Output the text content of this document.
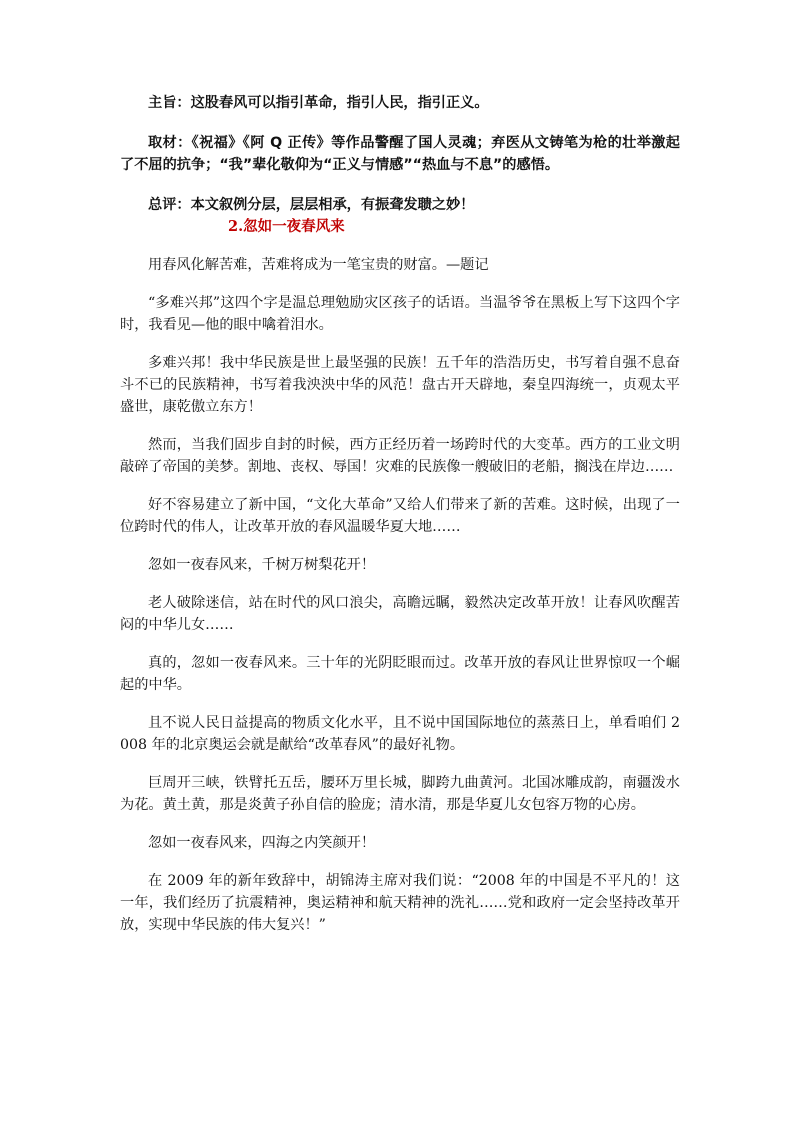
主旨：这股春风可以指引革命，指引人民，指引正义。

取材：《祝福》《阿 Q 正传》等作品警醒了国人灵魂；弃医从文铸笔为枪的壮举激起了不屈的抗争；“我”辈化敬仰为“正义与情感”“热血与不息”的感悟。

总评：本文叙例分层，层层相承，有振聋发聩之妙！

2.忽如一夜春风来

用春风化解苦难，苦难将成为一笔宝贵的财富。—题记

“多难兴邦”这四个字是温总理勉励灾区孩子的话语。当温爷爷在黑板上写下这四个字时，我看见—他的眼中噙着泪水。

多难兴邦！我中华民族是世上最坚强的民族！五千年的浩浩历史，书写着自强不息奋斗不已的民族精神，书写着我泱泱中华的风范！盘古开天辟地，秦皇四海统一，贞观太平盛世，康乾傲立东方！

然而，当我们固步自封的时候，西方正经历着一场跨时代的大变革。西方的工业文明敲碎了帝国的美梦。割地、丧权、辱国！灾难的民族像一艘破旧的老船，搁浅在岸边……

好不容易建立了新中国，“文化大革命”又给人们带来了新的苦难。这时候，出现了一位跨时代的伟人，让改革开放的春风温暖华夏大地……

忽如一夜春风来，千树万树梨花开！

老人破除迷信，站在时代的风口浪尖，高瞻远瞩，毅然决定改革开放！让春风吹醒苦闷的中华儿女……

真的，忽如一夜春风来。三十年的光阴眨眼而过。改革开放的春风让世界惊叹一个崛起的中华。

且不说人民日益提高的物质文化水平，且不说中国国际地位的蒸蒸日上，单看咱们 2008 年的北京奥运会就是献给“改革春风”的最好礼物。

巨周开三峡，铁臂托五岳，腰环万里长城，脚跨九曲黄河。北国冰雕成韵，南疆泼水为花。黄土黄，那是炎黄子孙自信的脸庞；清水清，那是华夏儿女包容万物的心房。

忽如一夜春风来，四海之内笑颜开！

在 2009 年的新年致辞中，胡锦涛主席对我们说：“2008 年的中国是不平凡的！这一年，我们经历了抗震精神，奥运精神和航天精神的洗礼……党和政府一定会坚持改革开放，实现中华民族的伟大复兴！”
